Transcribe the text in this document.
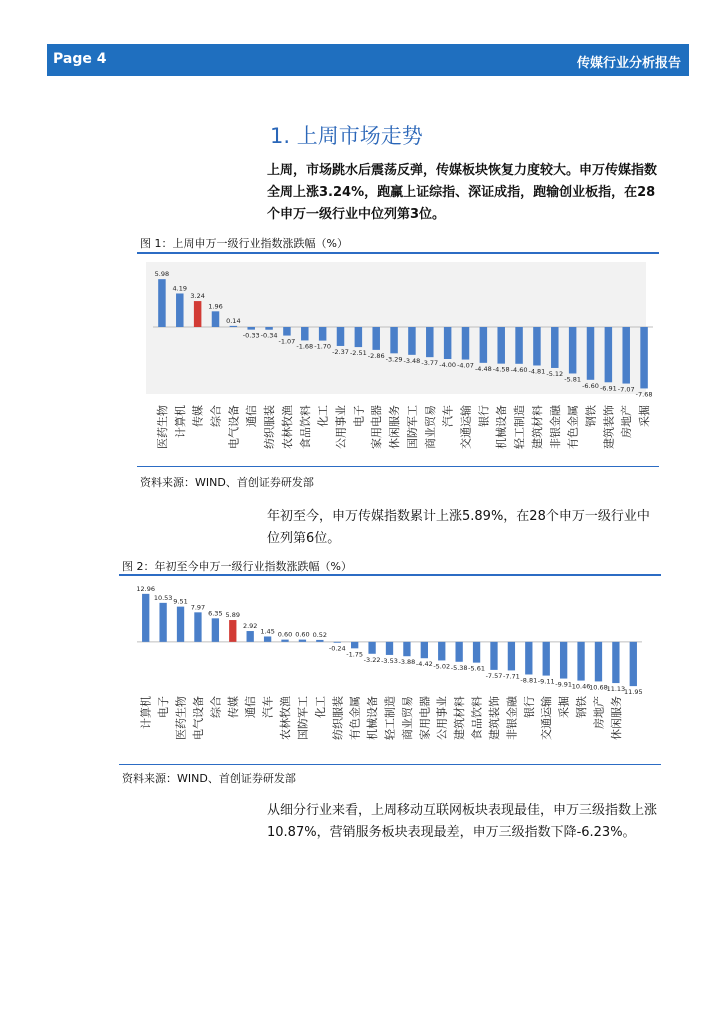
Page 4	传媒行业分析报告
1. 上周市场走势
上周，市场跳水后震荡反弹，传媒板块恢复力度较大。申万传媒指数全周上涨3.24%，跑赢上证综指、深证成指，跑输创业板指，在28个申万一级行业中位列第3位。
图 1：上周申万一级行业指数涨跌幅（%）
5.98
医药生物
4.19
计算机
3.24
传媒
1.96
综合
0.14
电气设备
-0.33
通信
-0.34
纺织服装
-1.07
农林牧渔
-1.68
食品饮料
-1.70
化工
-2.37
公用事业
-2.51
电子
-2.86
家用电器
-3.29
休闲服务
-3.48
国防军工
-3.77
商业贸易
-4.00
汽车
-4.07
交通运输
-4.48
银行
-4.58
机械设备
-4.60
轻工制造
-4.81
建筑材料
-5.12
非银金融
-5.81
有色金属
-6.60
钢铁
-6.91
建筑装饰
-7.07
房地产
-7.68
采掘
资料来源：WIND、首创证券研发部
年初至今，申万传媒指数累计上涨5.89%，在28个申万一级行业中位列第6位。
图 2：年初至今申万一级行业指数涨跌幅（%）
12.96
计算机
10.53
电子
9.51
医药生物
7.97
电气设备
6.35
综合
5.89
传媒
2.92
通信
1.45
汽车
0.60
农林牧渔
0.60
国防军工
0.52
化工
-0.24
纺织服装
-1.75
有色金属
-3.22
机械设备
-3.53
轻工制造
-3.88
商业贸易
-4.42
家用电器
-5.02
公用事业
-5.38
建筑材料
-5.61
食品饮料
-7.57
建筑装饰
-7.71
非银金融
-8.81
银行
-9.11
交通运输
-9.91
采掘
10.46
钢铁
10.68
房地产
11.13
休闲服务
11.95
资料来源：WIND、首创证券研发部
从细分行业来看，上周移动互联网板块表现最佳，申万三级指数上涨10.87%，营销服务板块表现最差，申万三级指数下降-6.23%。
